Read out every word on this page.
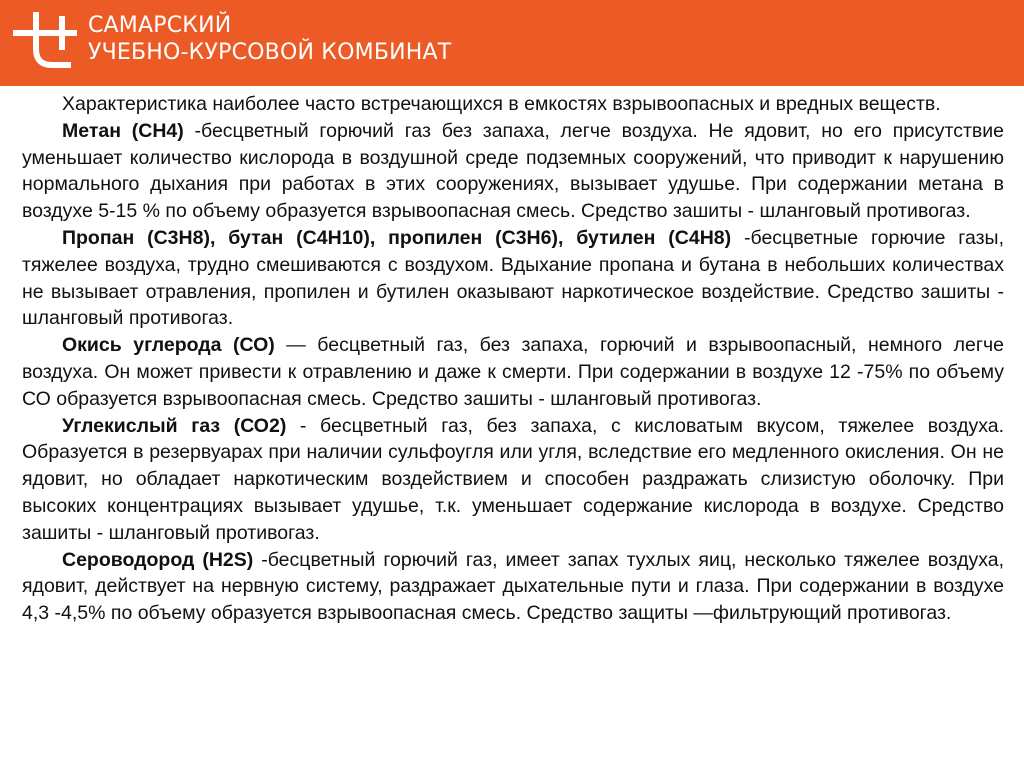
САМАРСКИЙ
УЧЕБНО-КУРСОВОЙ КОМБИНАТ

Характеристика наиболее часто встречающихся в емкостях взрывоопасных и вредных веществ.

Метан (СН4) -бесцветный горючий газ без запаха, легче воздуха. Не ядовит, но его присутствие уменьшает количество кислорода в воздушной среде подземных сооружений, что приводит к нарушению нормального дыхания при работах в этих сооружениях, вызывает удушье. При содержании метана в воздухе 5-15 % по объему образуется взрывоопасная смесь. Средство зашиты - шланговый противогаз.

Пропан (С3Н8), бутан (С4Н10), пропилен (С3Н6), бутилен (С4Н8) -бесцветные горючие газы, тяжелее воздуха, трудно смешиваются с воздухом. Вдыхание пропана и бутана в небольших количествах не вызывает отравления, пропилен и бутилен оказывают наркотическое воздействие. Средство зашиты - шланговый противогаз.

Окись углерода (СО) — бесцветный газ, без запаха, горючий и взрывоопасный, немного легче воздуха. Он может привести к отравлению и даже к смерти. При содержании в воздухе 12 -75% по объему СО образуется взрывоопасная смесь. Средство зашиты - шланговый противогаз.

Углекислый газ (СО2) - бесцветный газ, без запаха, с кисловатым вкусом, тяжелее воздуха. Образуется в резервуарах при наличии сульфоугля или угля, вследствие его медленного окисления. Он не ядовит, но обладает наркотическим воздействием и способен раздражать слизистую оболочку. При высоких концентрациях вызывает удушье, т.к. уменьшает содержание кислорода в воздухе. Средство зашиты - шланговый противогаз.

Сероводород (H2S) -бесцветный горючий газ, имеет запах тухлых яиц, несколько тяжелее воздуха, ядовит, действует на нервную систему, раздражает дыхательные пути и глаза. При содержании в воздухе 4,3 -4,5% по объему образуется взрывоопасная смесь. Средство защиты —фильтрующий противогаз.
